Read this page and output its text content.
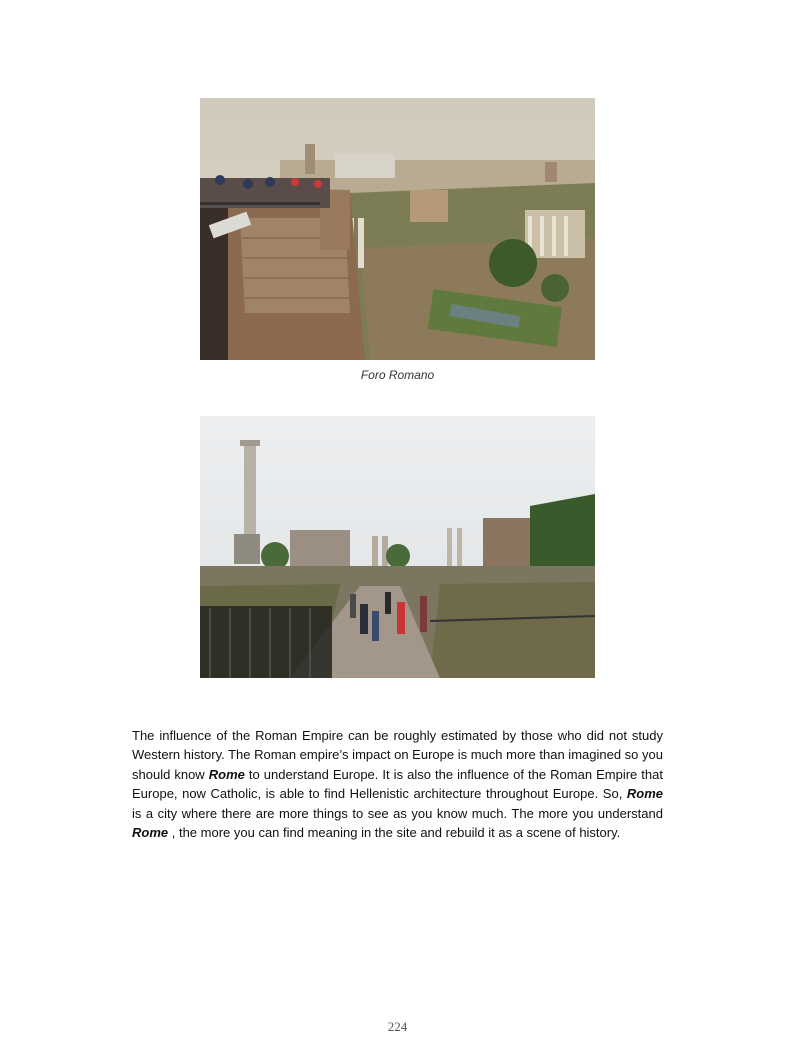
Foro Romano

The influence of the Roman Empire can be roughly estimated by those who did not study Western history. The Roman empire’s impact on Europe is much more than imagined so you should know Rome to understand Europe. It is also the influence of the Roman Empire that Europe, now Catholic, is able to find Hellenistic architecture throughout Europe. So, Rome is a city where there are more things to see as you know much. The more you understand Rome , the more you can find meaning in the site and rebuild it as a scene of history.

224
